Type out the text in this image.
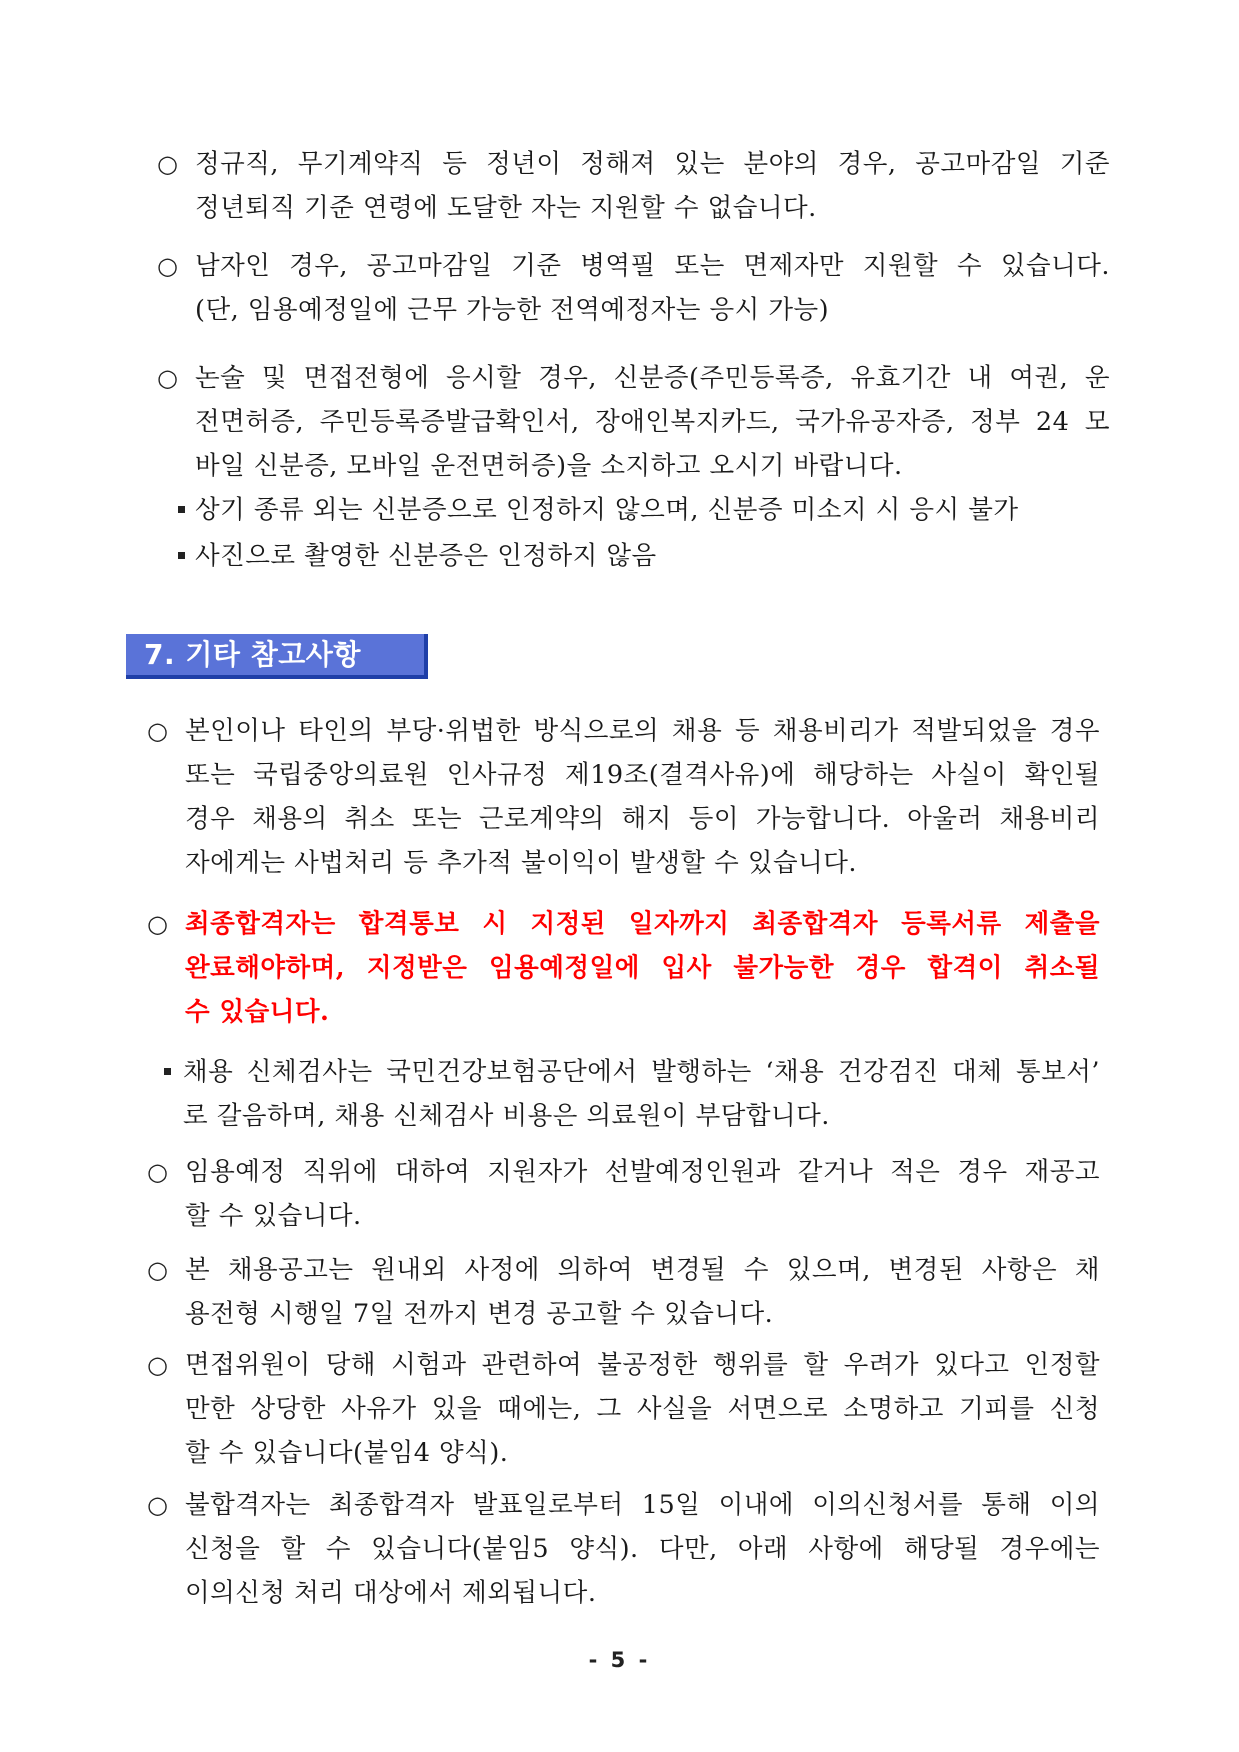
○ 정규직, 무기계약직 등 정년이 정해져 있는 분야의 경우, 공고마감일 기준
정년퇴직 기준 연령에 도달한 자는 지원할 수 없습니다.
○ 남자인 경우, 공고마감일 기준 병역필 또는 면제자만 지원할 수 있습니다.
(단, 임용예정일에 근무 가능한 전역예정자는 응시 가능)
○ 논술 및 면접전형에 응시할 경우, 신분증(주민등록증, 유효기간 내 여권, 운
전면허증, 주민등록증발급확인서, 장애인복지카드, 국가유공자증, 정부 24 모
바일 신분증, 모바일 운전면허증)을 소지하고 오시기 바랍니다.
상기 종류 외는 신분증으로 인정하지 않으며, 신분증 미소지 시 응시 불가
사진으로 촬영한 신분증은 인정하지 않음
7. 기타 참고사항
○ 본인이나 타인의 부당·위법한 방식으로의 채용 등 채용비리가 적발되었을 경우
또는 국립중앙의료원 인사규정 제19조(결격사유)에 해당하는 사실이 확인될
경우 채용의 취소 또는 근로계약의 해지 등이 가능합니다. 아울러 채용비리
자에게는 사법처리 등 추가적 불이익이 발생할 수 있습니다.
○ 최종합격자는 합격통보 시 지정된 일자까지 최종합격자 등록서류 제출을
완료해야하며, 지정받은 임용예정일에 입사 불가능한 경우 합격이 취소될
수 있습니다.
채용 신체검사는 국민건강보험공단에서 발행하는 ‘채용 건강검진 대체 통보서’
로 갈음하며, 채용 신체검사 비용은 의료원이 부담합니다.
○ 임용예정 직위에 대하여 지원자가 선발예정인원과 같거나 적은 경우 재공고
할 수 있습니다.
○ 본 채용공고는 원내외 사정에 의하여 변경될 수 있으며, 변경된 사항은 채
용전형 시행일 7일 전까지 변경 공고할 수 있습니다.
○ 면접위원이 당해 시험과 관련하여 불공정한 행위를 할 우려가 있다고 인정할
만한 상당한 사유가 있을 때에는, 그 사실을 서면으로 소명하고 기피를 신청
할 수 있습니다(붙임4 양식).
○ 불합격자는 최종합격자 발표일로부터 15일 이내에 이의신청서를 통해 이의
신청을 할 수 있습니다(붙임5 양식). 다만, 아래 사항에 해당될 경우에는
이의신청 처리 대상에서 제외됩니다.
- 5 -
